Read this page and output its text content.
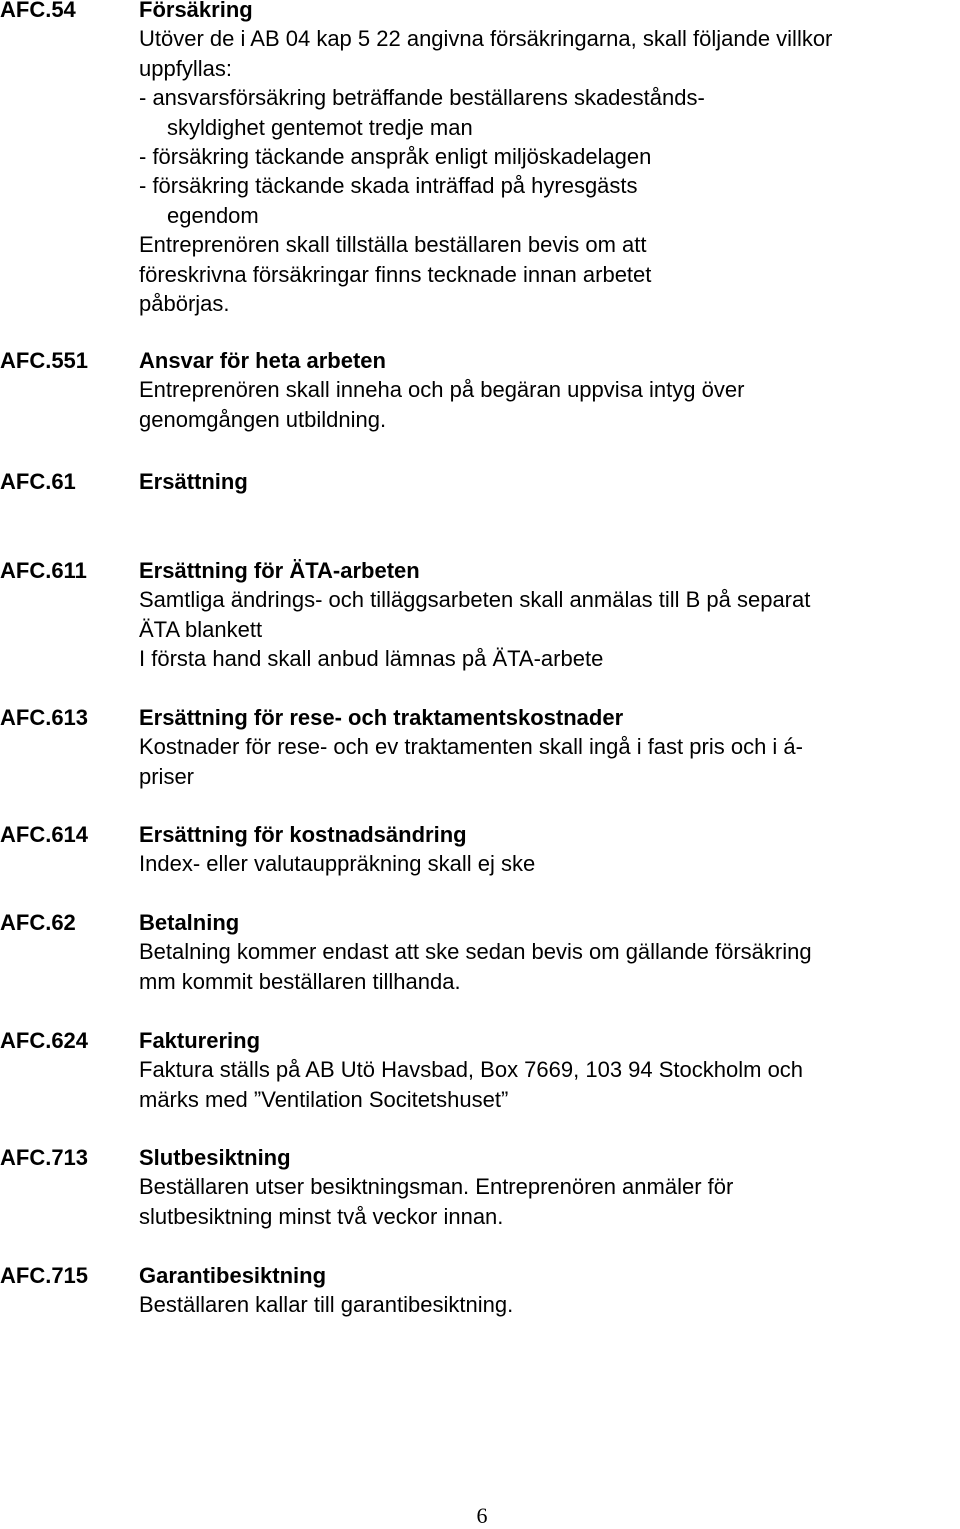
AFC.54	Försäkring
Utöver de i AB 04 kap 5 22 angivna försäkringarna, skall följande villkor
uppfyllas:
- ansvarsförsäkring beträffande beställarens skadestånds-
skyldighet gentemot tredje man
- försäkring täckande anspråk enligt miljöskadelagen
- försäkring täckande skada inträffad på hyresgästs
egendom
Entreprenören skall tillställa beställaren bevis om att
föreskrivna försäkringar finns tecknade innan arbetet
påbörjas.
AFC.551 Ansvar för heta arbeten
Entreprenören skall inneha och på begäran uppvisa intyg över
genomgången utbildning.
AFC.61	Ersättning
AFC.611 Ersättning för ÄTA-arbeten
Samtliga ändrings- och tilläggsarbeten skall anmälas till B på separat
ÄTA blankett
I första hand skall anbud lämnas på ÄTA-arbete
AFC.613 Ersättning för rese- och traktamentskostnader
Kostnader för rese- och ev traktamenten skall ingå i fast pris och i á-
priser
AFC.614 Ersättning för kostnadsändring
Index- eller valutauppräkning skall ej ske
AFC.62	Betalning
Betalning kommer endast att ske sedan bevis om gällande försäkring
mm kommit beställaren tillhanda.
AFC.624 Fakturering
Faktura ställs på AB Utö Havsbad, Box 7669, 103 94 Stockholm och
märks med ”Ventilation Socitetshuset”
AFC.713 Slutbesiktning
Beställaren utser besiktningsman. Entreprenören anmäler för
slutbesiktning minst två veckor innan.
AFC.715 Garantibesiktning
Beställaren kallar till garantibesiktning.
6
